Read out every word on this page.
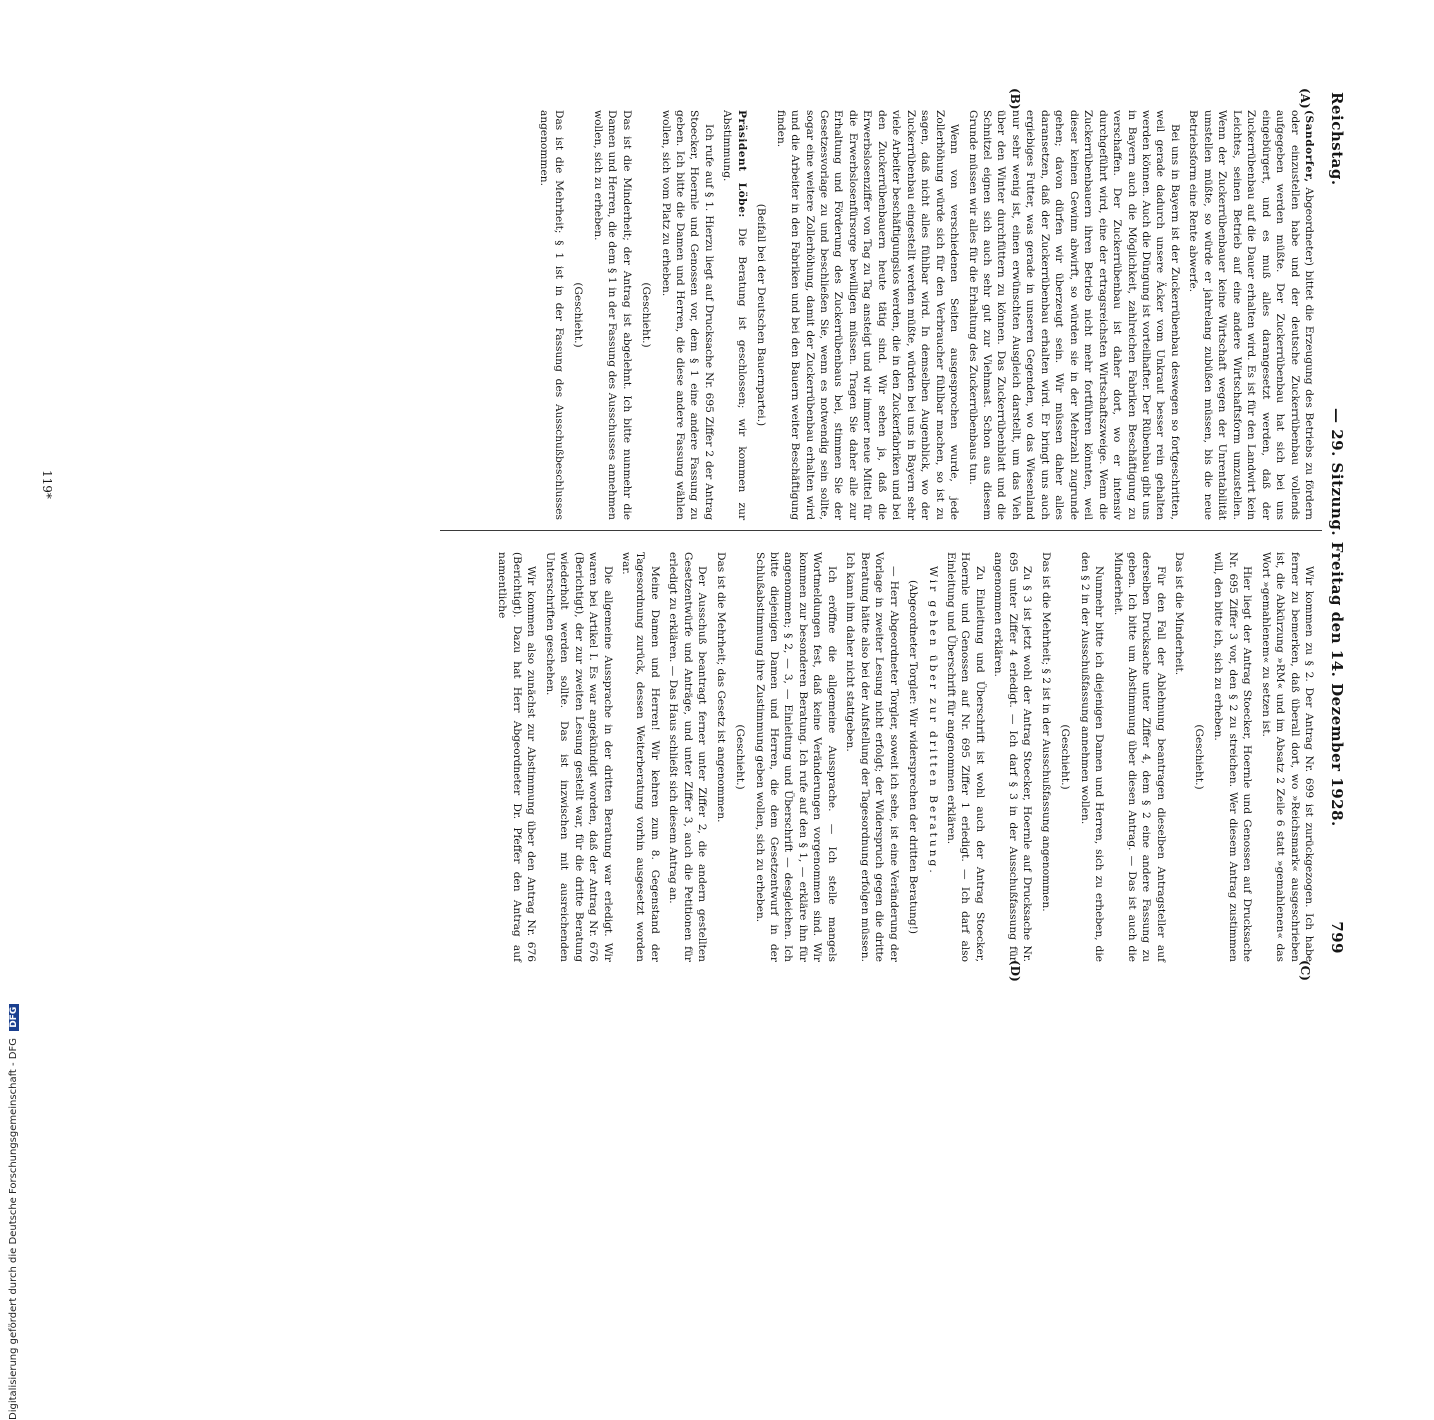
Reichstag.
— 29. Sitzung. Freitag den 14. Dezember 1928.
799
(A)
(B)
(C)
(D)

(Sandorfer, Abgeordneter) bittet die Erzeugung des Betriebs zu fördern oder einzustellen habe und der deutsche Zuckerrübenbau vollends aufgegeben werden müßte. Der Zuckerrübenbau hat sich bei uns eingebürgert, und es muß alles darangesetzt werden, daß der Zuckerrübenbau auf die Dauer erhalten wird. Es ist für den Landwirt kein Leichtes, seinen Betrieb auf eine andere Wirtschaftsform umzustellen. Wenn der Zuckerrübenbauer keine Wirtschaft wegen der Unrentabilität umstellen müßte, so würde er jahrelang zubüßen müssen, bis die neue Betriebsform eine Rente abwerfe.

Bei uns in Bayern ist der Zuckerrübenbau deswegen so fortgeschritten, weil gerade dadurch unsere Äcker vom Unkraut besser rein gehalten werden können. Auch die Düngung ist vorteilhafter. Der Rübenbau gibt uns in Bayern auch die Möglichkeit, zahlreichen Fabriken Beschäftigung zu verschaffen. Der Zuckerrübenbau ist daher dort, wo er intensiv durchgeführt wird, eine der ertragsreichsten Wirtschaftszweige. Wenn die Zuckerrübenbauern ihren Betrieb nicht mehr fortführen könnten, weil dieser keinen Gewinn abwirft, so würden sie in der Mehrzahl zugrunde gehen; davon dürfen wir überzeugt sein. Wir müssen daher alles daransetzen, daß der Zuckerrübenbau erhalten wird. Er bringt uns auch ergiebiges Futter, was gerade in unseren Gegenden, wo das Wiesenland nur sehr wenig ist, einen erwünschten Ausgleich darstellt, um das Vieh über den Winter durchfüttern zu können. Das Zuckerrübenblatt und die Schnitzel eignen sich auch sehr gut zur Viehmast. Schon aus diesem Grunde müssen wir alles für die Erhaltung des Zuckerrübenbaus tun.

Wenn von verschiedenen Seiten ausgesprochen wurde, jede Zollerhöhung würde sich für den Verbraucher fühlbar machen, so ist zu sagen, daß nicht alles fühlbar wird. In demselben Augenblick, wo der Zuckerrübenbau eingestellt werden müßte, würden bei uns in Bayern sehr viele Arbeiter beschäftigungslos werden, die in den Zuckerfabriken und bei den Zuckerrübenbauern heute tätig sind. Wir sehen ja, daß die Erwerbslosenziffer von Tag zu Tag ansteigt und wir immer neue Mittel für die Erwerbslosenfürsorge bewilligen müssen. Tragen Sie daher alle zur Erhaltung und Förderung des Zuckerrübenbaus bei, stimmen Sie der Gesetzesvorlage zu und beschließen Sie, wenn es notwendig sein sollte, sogar eine weitere Zollerhöhung, damit der Zuckerrübenbau erhalten wird und die Arbeiter in den Fabriken und bei den Bauern weiter Beschäftigung finden.

(Beifall bei der Deutschen Bauernpartei.)

Präsident Löbe: Die Beratung ist geschlossen; wir kommen zur Abstimmung.

Ich rufe auf § 1. Hierzu liegt auf Drucksache Nr. 695 Ziffer 2 der Antrag Stoecker, Hoernle und Genossen vor, dem § 1 eine andere Fassung zu geben. Ich bitte die Damen und Herren, die diese andere Fassung wählen wollen, sich vom Platz zu erheben.

(Geschieht.)

Das ist die Minderheit; der Antrag ist abgelehnt. Ich bitte nunmehr die Damen und Herren, die dem § 1 in der Fassung des Ausschusses annehmen wollen, sich zu erheben.

(Geschieht.)

Das ist die Mehrheit; § 1 ist in der Fassung des Ausschußbeschlusses angenommen.

Wir kommen zu § 2. Der Antrag Nr. 699 ist zurückgezogen. Ich habe ferner zu bemerken, daß überall dort, wo »Reichsmark« ausgeschrieben ist, die Abkürzung »RM« und im Absatz 2 Zeile 6 statt »gemahlenen« das Wort »gemahlenem« zu setzen ist.

Hier liegt der Antrag Stoecker, Hoernle und Genossen auf Drucksache Nr. 695 Ziffer 3 vor, den § 2 zu streichen. Wer diesem Antrag zustimmen will, den bitte ich, sich zu erheben.

(Geschieht.)

Das ist die Minderheit.

Für den Fall der Ablehnung beantragen dieselben Antragsteller auf derselben Drucksache unter Ziffer 4, dem § 2 eine andere Fassung zu geben. Ich bitte um Abstimmung über diesen Antrag. — Das ist auch die Minderheit.

Nunmehr bitte ich diejenigen Damen und Herren, sich zu erheben, die den § 2 in der Ausschußfassung annehmen wollen.

(Geschieht.)

Das ist die Mehrheit; § 2 ist in der Ausschußfassung angenommen.

Zu § 3 ist jetzt wohl der Antrag Stoecker, Hoernle auf Drucksache Nr. 695 unter Ziffer 4 erledigt. — Ich darf § 3 in der Ausschußfassung für angenommen erklären.

Zu Einleitung und Überschrift ist wohl auch der Antrag Stoecker, Hoernle und Genossen auf Nr. 695 Ziffer 1 erledigt. — Ich darf also Einleitung und Überschrift für angenommen erklären.

Wir gehen über zur dritten Beratung.

(Abgeordneter Torgler: Wir widersprechen der dritten Beratung!)

— Herr Abgeordneter Torgler, soweit ich sehe, ist eine Veränderung der Vorlage in zweiter Lesung nicht erfolgt; der Widerspruch gegen die dritte Beratung hätte also bei der Aufstellung der Tagesordnung erfolgen müssen. Ich kann ihm daher nicht stattgeben.

Ich eröffne die allgemeine Aussprache. — Ich stelle mangels Wortmeldungen fest, daß keine Veränderungen vorgenommen sind. Wir kommen zur besonderen Beratung. Ich rufe auf den § 1, — erkläre ihn für angenommen; § 2, — 3, — Einleitung und Überschrift — desgleichen. Ich bitte diejenigen Damen und Herren, die dem Gesetzentwurf in der Schlußabstimmung ihre Zustimmung geben wollen, sich zu erheben.

(Geschieht.)

Das ist die Mehrheit; das Gesetz ist angenommen.

Der Ausschuß beantragt ferner unter Ziffer 2, die andern gestellten Gesetzentwürfe und Anträge, und unter Ziffer 3, auch die Petitionen für erledigt zu erklären. — Das Haus schließt sich diesem Antrag an.

Meine Damen und Herren! Wir kehren zum 8. Gegenstand der Tagesordnung zurück, dessen Weiterberatung vorhin ausgesetzt worden war.

Die allgemeine Aussprache in der dritten Beratung war erledigt. Wir waren bei Artikel I. Es war angekündigt worden, daß der Antrag Nr. 676 (Berichtigt), der zur zweiten Lesung gestellt war, für die dritte Beratung wiederholt werden sollte. Das ist inzwischen mit ausreichenden Unterschriften geschehen.

Wir kommen also zunächst zur Abstimmung über den Antrag Nr. 676 (Berichtigt). Dazu hat Herr Abgeordneter Dr. Pfeffer den Antrag auf namentliche

119*
Digitalisierung gefördert durch die Deutsche Forschungsgemeinschaft - DFG DFG
